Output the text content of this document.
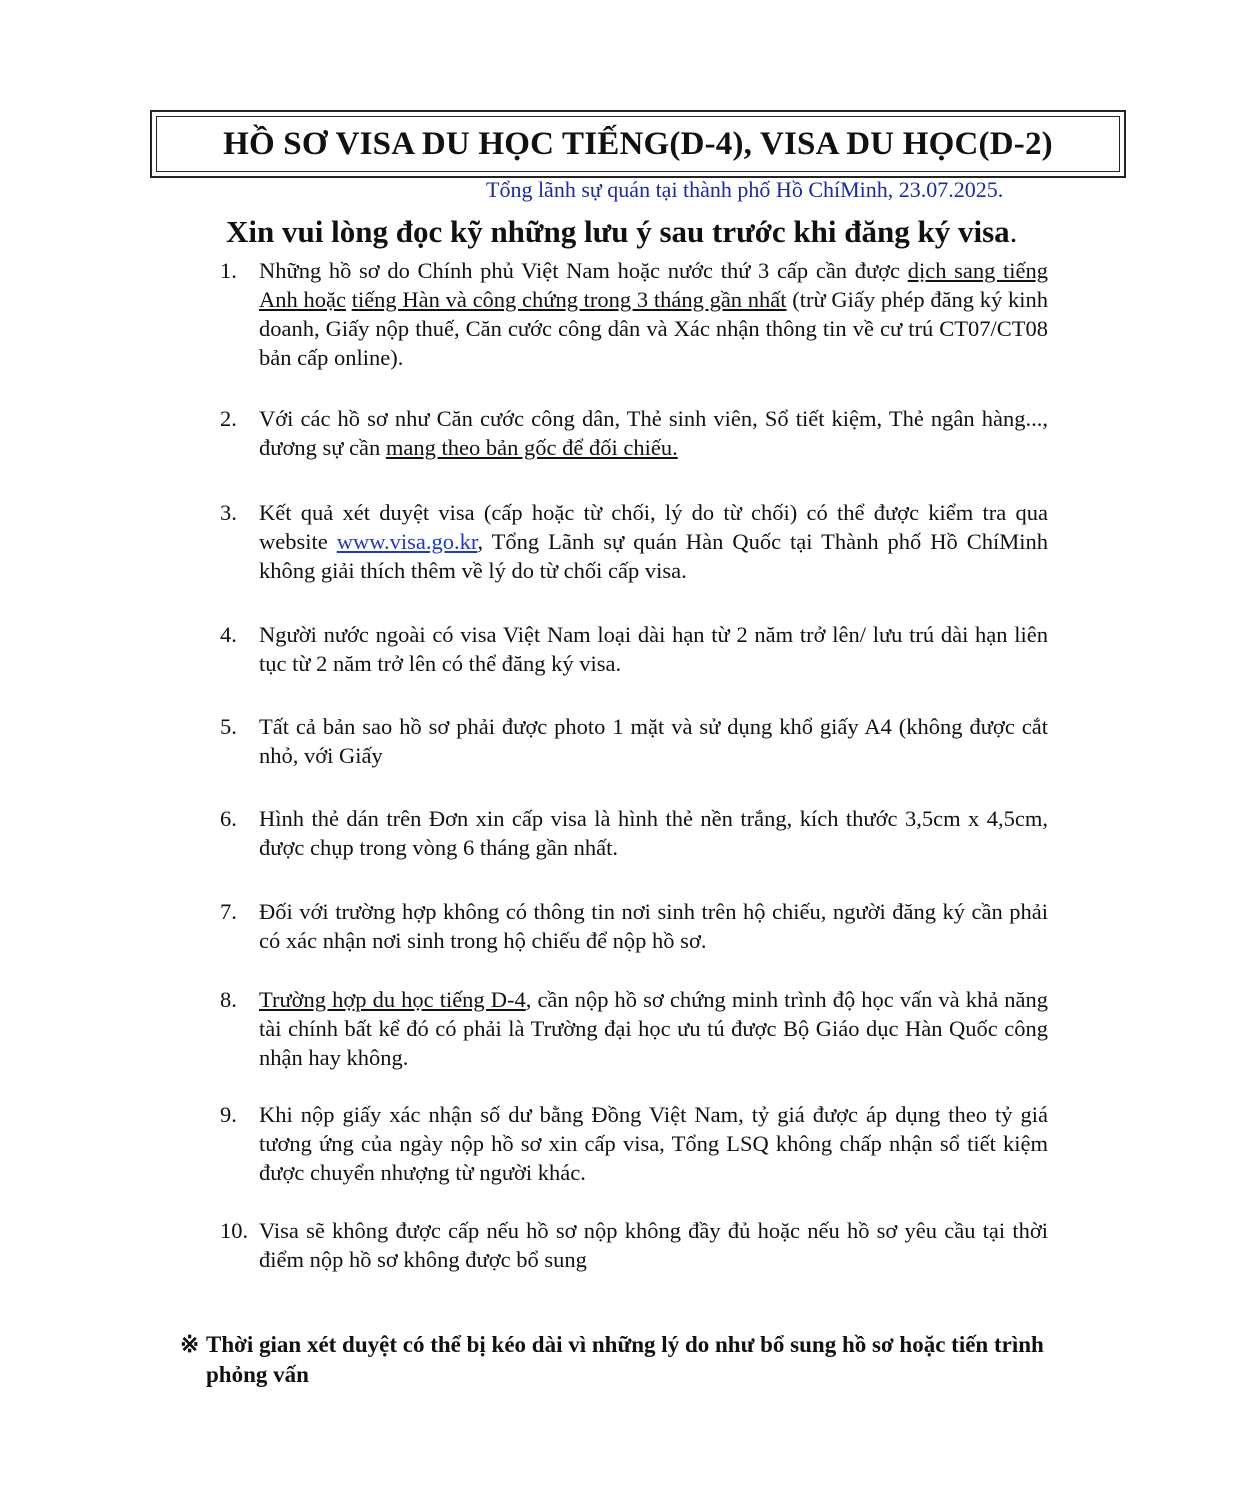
HỒ SƠ VISA DU HỌC TIẾNG(D-4), VISA DU HỌC(D-2)
Tổng lãnh sự quán tại thành phố Hồ ChíMinh, 23.07.2025.
Xin vui lòng đọc kỹ những lưu ý sau trước khi đăng ký visa.
1. Những hồ sơ do Chính phủ Việt Nam hoặc nước thứ 3 cấp cần được dịch sang tiếng Anh hoặc tiếng Hàn và công chứng trong 3 tháng gần nhất (trừ Giấy phép đăng ký kinh doanh, Giấy nộp thuế, Căn cước công dân và Xác nhận thông tin về cư trú CT07/CT08 bản cấp online).
2. Với các hồ sơ như Căn cước công dân, Thẻ sinh viên, Sổ tiết kiệm, Thẻ ngân hàng..., đương sự cần mang theo bản gốc để đối chiếu.
3. Kết quả xét duyệt visa (cấp hoặc từ chối, lý do từ chối) có thể được kiểm tra qua website www.visa.go.kr, Tổng Lãnh sự quán Hàn Quốc tại Thành phố Hồ ChíMinh không giải thích thêm về lý do từ chối cấp visa.
4. Người nước ngoài có visa Việt Nam loại dài hạn từ 2 năm trở lên/ lưu trú dài hạn liên tục từ 2 năm trở lên có thể đăng ký visa.
5. Tất cả bản sao hồ sơ phải được photo 1 mặt và sử dụng khổ giấy A4 (không được cắt nhỏ, với Giấy
6. Hình thẻ dán trên Đơn xin cấp visa là hình thẻ nền trắng, kích thước 3,5cm x 4,5cm, được chụp trong vòng 6 tháng gần nhất.
7. Đối với trường hợp không có thông tin nơi sinh trên hộ chiếu, người đăng ký cần phải có xác nhận nơi sinh trong hộ chiếu để nộp hồ sơ.
8. Trường hợp du học tiếng D-4, cần nộp hồ sơ chứng minh trình độ học vấn và khả năng tài chính bất kể đó có phải là Trường đại học ưu tú được Bộ Giáo dục Hàn Quốc công nhận hay không.
9. Khi nộp giấy xác nhận số dư bằng Đồng Việt Nam, tỷ giá được áp dụng theo tỷ giá tương ứng của ngày nộp hồ sơ xin cấp visa, Tổng LSQ không chấp nhận sổ tiết kiệm được chuyển nhượng từ người khác.
10. Visa sẽ không được cấp nếu hồ sơ nộp không đầy đủ hoặc nếu hồ sơ yêu cầu tại thời điểm nộp hồ sơ không được bổ sung
※ Thời gian xét duyệt có thể bị kéo dài vì những lý do như bổ sung hồ sơ hoặc tiến trình phỏng vấn
